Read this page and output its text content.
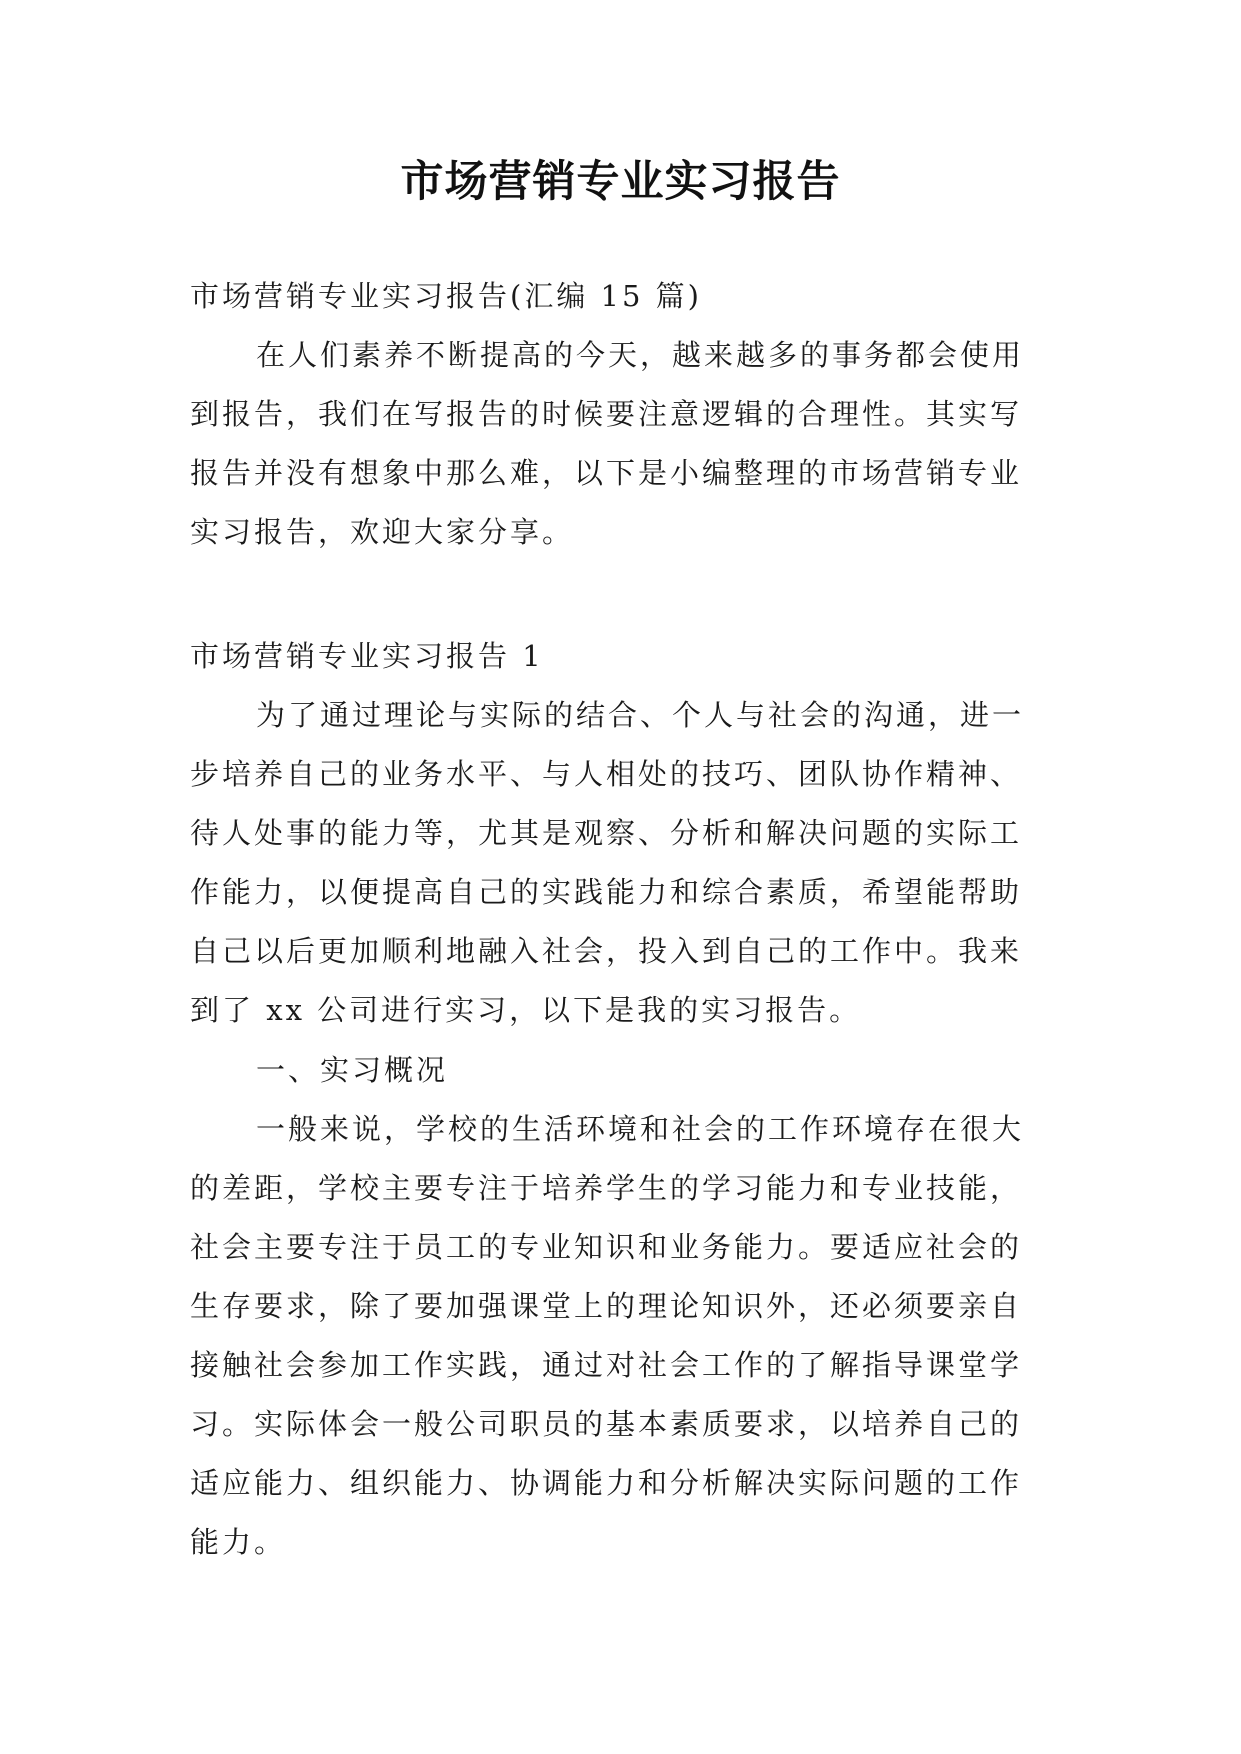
市场营销专业实习报告

市场营销专业实习报告(汇编 15 篇)

在人们素养不断提高的今天，越来越多的事务都会使用

到报告，我们在写报告的时候要注意逻辑的合理性。其实写

报告并没有想象中那么难，以下是小编整理的市场营销专业

实习报告，欢迎大家分享。

市场营销专业实习报告 1

为了通过理论与实际的结合、个人与社会的沟通，进一

步培养自己的业务水平、与人相处的技巧、团队协作精神、

待人处事的能力等，尤其是观察、分析和解决问题的实际工

作能力，以便提高自己的实践能力和综合素质，希望能帮助

自己以后更加顺利地融入社会，投入到自己的工作中。我来

到了 xx 公司进行实习，以下是我的实习报告。

一、实习概况

一般来说，学校的生活环境和社会的工作环境存在很大

的差距，学校主要专注于培养学生的学习能力和专业技能，

社会主要专注于员工的专业知识和业务能力。要适应社会的

生存要求，除了要加强课堂上的理论知识外，还必须要亲自

接触社会参加工作实践，通过对社会工作的了解指导课堂学

习。实际体会一般公司职员的基本素质要求，以培养自己的

适应能力、组织能力、协调能力和分析解决实际问题的工作

能力。
